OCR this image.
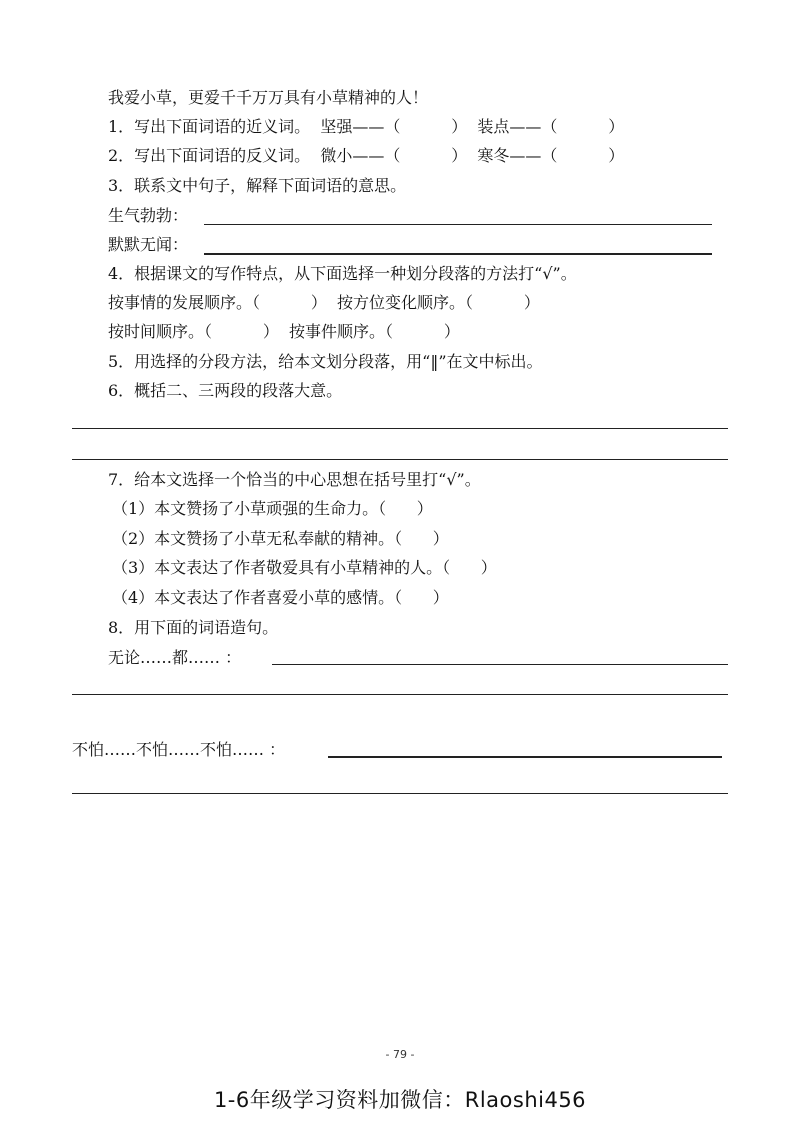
我爱小草，更爱千千万万具有小草精神的人！
1．写出下面词语的近义词。  坚强——（          ）  装点——（          ）
2．写出下面词语的反义词。  微小——（          ）  寒冬——（          ）
3．联系文中句子，解释下面词语的意思。
生气勃勃：
默默无闻：
4．根据课文的写作特点，从下面选择一种划分段落的方法打“√”。
按事情的发展顺序。（          ）  按方位变化顺序。（          ）
按时间顺序。（          ）  按事件顺序。（          ）
5．用选择的分段方法，给本文划分段落，用“‖”在文中标出。
6．概括二、三两段的段落大意。
7．给本文选择一个恰当的中心思想在括号里打“√”。
（1）本文赞扬了小草顽强的生命力。（      ）
（2）本文赞扬了小草无私奉献的精神。（      ）
（3）本文表达了作者敬爱具有小草精神的人。（      ）
（4）本文表达了作者喜爱小草的感情。（      ）
8．用下面的词语造句。
无论……都…… ：
不怕……不怕……不怕…… ：
- 79 -
1-6年级学习资料加微信：Rlaoshi456
